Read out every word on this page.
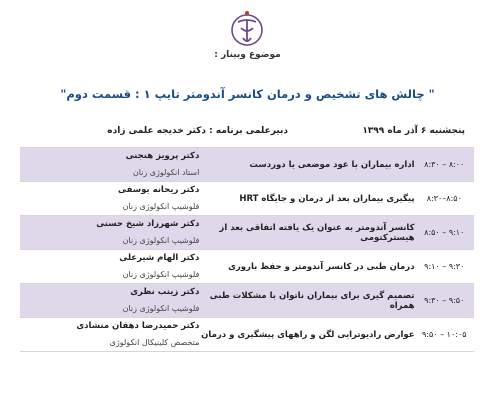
موضوع وبینار :
" چالش های تشخیص و درمان کانسر آندومتر تایپ ۱ : قسمت دوم"
پنجشنبه ۶ آذر ماه ۱۳۹۹
دبیرعلمی برنامه : دکتر خدیجه علمی زاده
۸:۳۰ – ۸:۰۰	اداره بیماران با عود موضعی یا دوردست	دکتر پرویز هنجنی
استاد انکولوژی زنان

۸:۳۰–۸:۵۰	پیگیری بیماران بعد از درمان و جایگاه HRT	دکتر ریحانه یوسفی
فلوشیپ انکولوژی زنان

۸:۵۰ – ۹:۱۰	کانسر آندومتر به عنوان یک یافته اتفاقی بعد از هیسترکتومی	دکتر شهرزاد شیخ حسنی
فلوشیپ انکولوژی زنان

۹:۱۰ – ۹:۳۰	درمان طبی در کانسر آندومتر و حفظ باروری	دکتر الهام شیرعلی
فلوشیپ انکولوژی زنان

۹:۳۰ – ۹:۵۰	تصمیم گیری برای بیماران ناتوان با مشکلات طبی همراه	دکتر زینب نظری
فلوشیپ انکولوژی زنان

۹:۵۰ – ۱۰:۰۵	عوارض رادیوترایی لگن و راههای پیشگیری و درمان	دکتر حمیدرضا دهقان منشادی
متخصص کلینیکال انکولوژی
